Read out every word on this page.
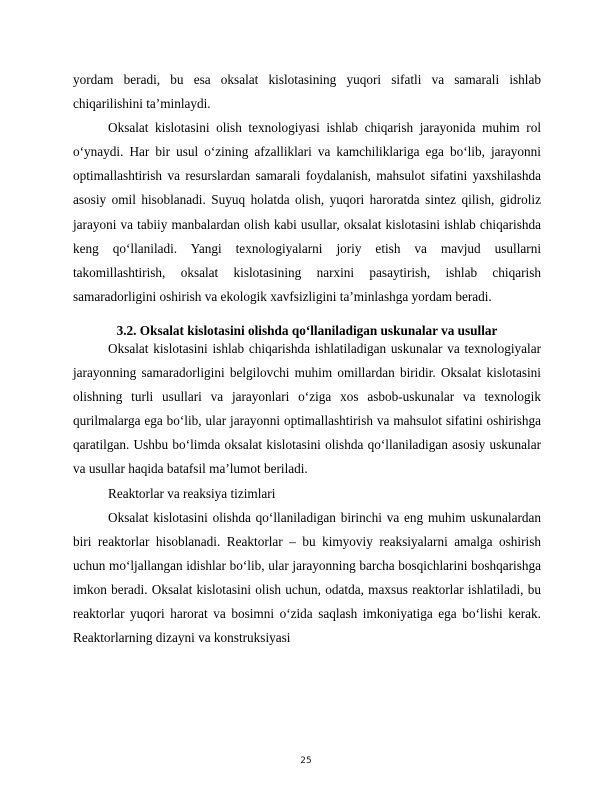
yordam beradi, bu esa oksalat kislotasining yuqori sifatli va samarali ishlab chiqarilishini ta’minlaydi.

Oksalat kislotasini olish texnologiyasi ishlab chiqarish jarayonida muhim rol o‘ynaydi. Har bir usul o‘zining afzalliklari va kamchiliklariga ega bo‘lib, jarayonni optimallashtirish va resurslardan samarali foydalanish, mahsulot sifatini yaxshilashda asosiy omil hisoblanadi. Suyuq holatda olish, yuqori haroratda sintez qilish, gidroliz jarayoni va tabiiy manbalardan olish kabi usullar, oksalat kislotasini ishlab chiqarishda keng qo‘llaniladi. Yangi texnologiyalarni joriy etish va mavjud usullarni takomillashtirish, oksalat kislotasining narxini pasaytirish, ishlab chiqarish samaradorligini oshirish va ekologik xavfsizligini ta’minlashga yordam beradi.

3.2. Oksalat kislotasini olishda qo‘llaniladigan uskunalar va usullar

Oksalat kislotasini ishlab chiqarishda ishlatiladigan uskunalar va texnologiyalar jarayonning samaradorligini belgilovchi muhim omillardan biridir. Oksalat kislotasini olishning turli usullari va jarayonlari o‘ziga xos asbob-uskunalar va texnologik qurilmalarga ega bo‘lib, ular jarayonni optimallashtirish va mahsulot sifatini oshirishga qaratilgan. Ushbu bo‘limda oksalat kislotasini olishda qo‘llaniladigan asosiy uskunalar va usullar haqida batafsil ma’lumot beriladi.

Reaktorlar va reaksiya tizimlari

Oksalat kislotasini olishda qo‘llaniladigan birinchi va eng muhim uskunalardan biri reaktorlar hisoblanadi. Reaktorlar – bu kimyoviy reaksiyalarni amalga oshirish uchun mo‘ljallangan idishlar bo‘lib, ular jarayonning barcha bosqichlarini boshqarishga imkon beradi. Oksalat kislotasini olish uchun, odatda, maxsus reaktorlar ishlatiladi, bu reaktorlar yuqori harorat va bosimni o‘zida saqlash imkoniyatiga ega bo‘lishi kerak. Reaktorlarning dizayni va konstruksiyasi

25
